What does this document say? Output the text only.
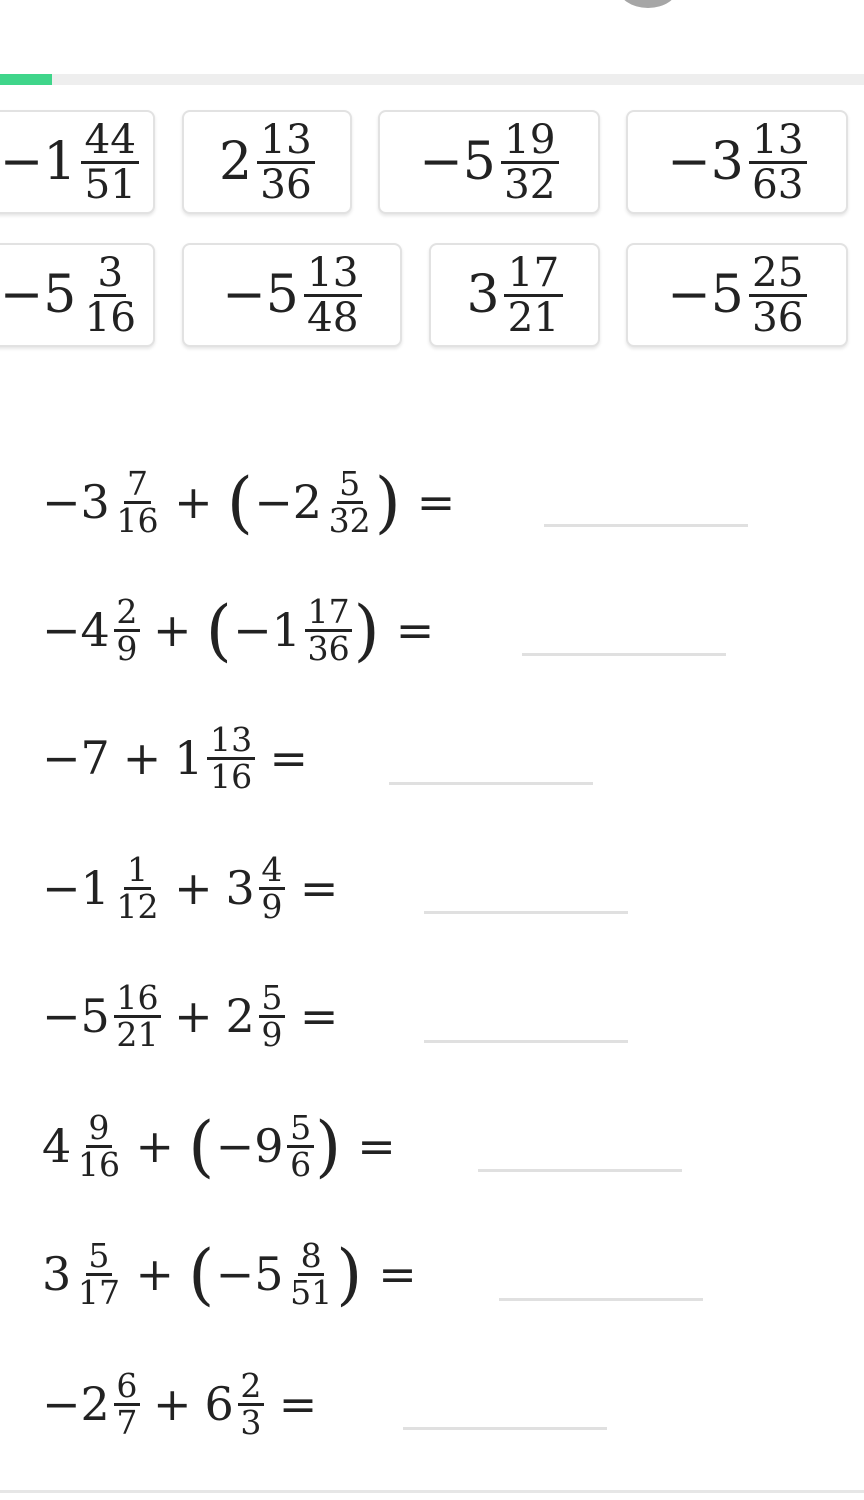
$-1 \frac{44}{51} 2 \frac{13}{36} -5 \frac{19}{32} -3 \frac{13}{63}$
$-5 \frac{3}{16} -5 \frac{13}{48} 3 \frac{17}{21} -5 \frac{25}{36}$
$-3 \frac{7}{16}$ + ( $-2 \frac{5}{32}$ ) =
$-4 \frac{2}{9}$ + ( $-1 \frac{17}{36}$ ) =
$-7 + 1 \frac{13}{16}$ =
$-1 \frac{1}{12} + 3 \frac{4}{9}$ =
$-5 \frac{16}{21} + 2 \frac{5}{9}$ =
$4 \frac{9}{16}$ + ( $-9 \frac{5}{6}$ ) =
$3 \frac{5}{17}$ + ( $-5 \frac{8}{51}$ ) =
$-2 \frac{6}{7} + 6 \frac{2}{3}$ =
